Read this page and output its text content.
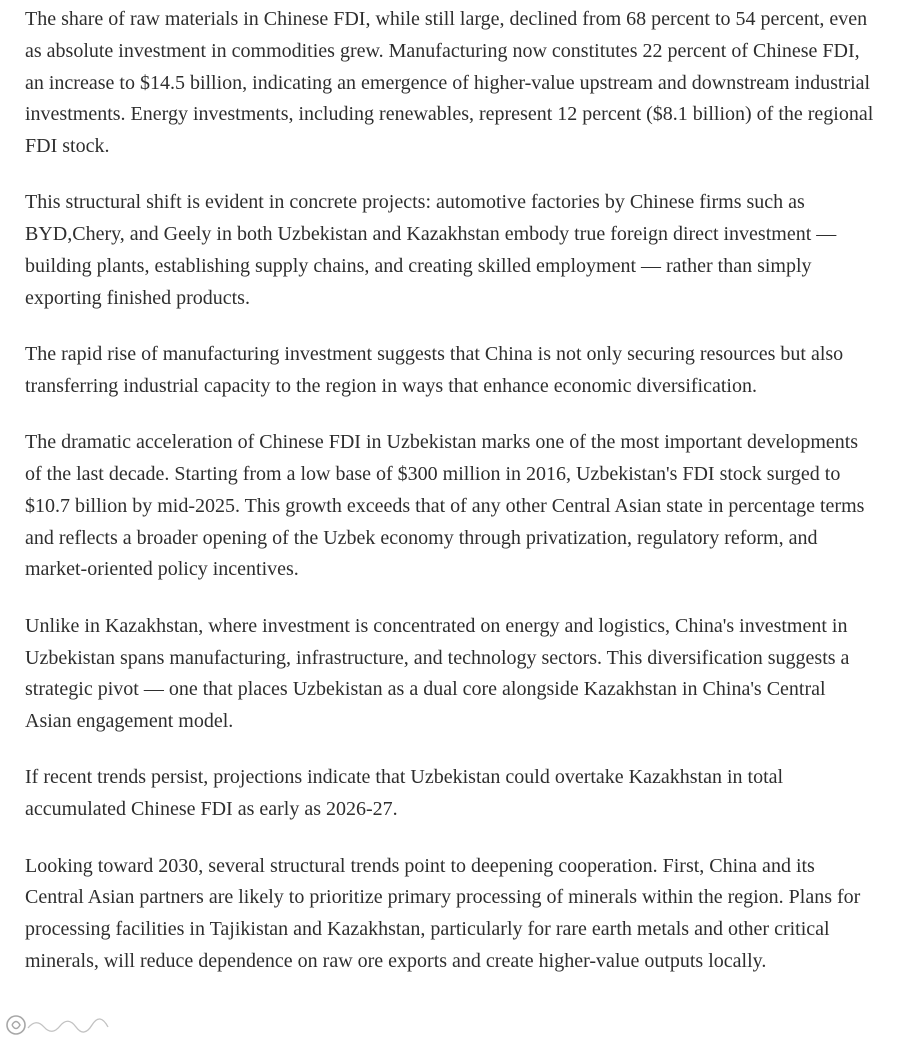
The share of raw materials in Chinese FDI, while still large, declined from 68 percent to 54 percent, even as absolute investment in commodities grew. Manufacturing now constitutes 22 percent of Chinese FDI, an increase to $14.5 billion, indicating an emergence of higher-value upstream and downstream industrial investments. Energy investments, including renewables, represent 12 percent ($8.1 billion) of the regional FDI stock.

This structural shift is evident in concrete projects: automotive factories by Chinese firms such as BYD,Chery, and Geely in both Uzbekistan and Kazakhstan embody true foreign direct investment — building plants, establishing supply chains, and creating skilled employment — rather than simply exporting finished products.

The rapid rise of manufacturing investment suggests that China is not only securing resources but also transferring industrial capacity to the region in ways that enhance economic diversification.

The dramatic acceleration of Chinese FDI in Uzbekistan marks one of the most important developments of the last decade. Starting from a low base of $300 million in 2016, Uzbekistan's FDI stock surged to $10.7 billion by mid-2025. This growth exceeds that of any other Central Asian state in percentage terms and reflects a broader opening of the Uzbek economy through privatization, regulatory reform, and market-oriented policy incentives.

Unlike in Kazakhstan, where investment is concentrated on energy and logistics, China's investment in Uzbekistan spans manufacturing, infrastructure, and technology sectors. This diversification suggests a strategic pivot — one that places Uzbekistan as a dual core alongside Kazakhstan in China's Central Asian engagement model.

If recent trends persist, projections indicate that Uzbekistan could overtake Kazakhstan in total accumulated Chinese FDI as early as 2026-27.

Looking toward 2030, several structural trends point to deepening cooperation. First, China and its Central Asian partners are likely to prioritize primary processing of minerals within the region. Plans for processing facilities in Tajikistan and Kazakhstan, particularly for rare earth metals and other critical minerals, will reduce dependence on raw ore exports and create higher-value outputs locally.
